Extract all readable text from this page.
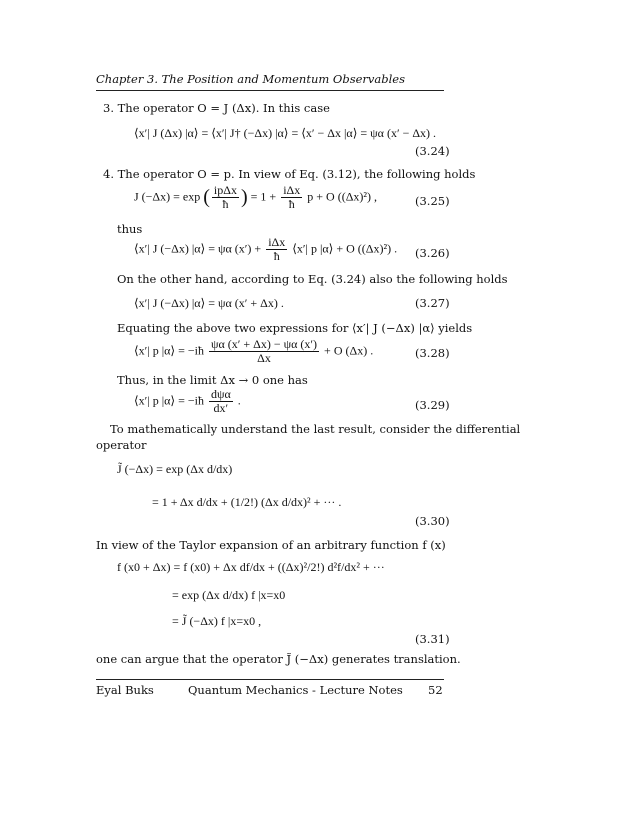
Chapter 3. The Position and Momentum Observables
3. The operator O = J (Δx). In this case
⟨x′| J (Δx) |α⟩ = ⟨x′| J† (−Δx) |α⟩ = ⟨x′ − Δx |α⟩ = ψα (x′ − Δx) .
(3.24)
4. The operator O = p. In view of Eq. (3.12), the following holds
J (−Δx) = exp ( $\frac{\text{ipΔx}}{ħ}$ ) = $1 + \frac{\text{iΔx}}{ħ}$ p + O ((Δx)²) ,	(3.25)
thus
⟨x′| J (−Δx) |α⟩ = ψα $(x') + \frac{\text{iΔx}}{ħ}$ ⟨x′| p |α⟩ + O ((Δx)²) . (3.26)
On the other hand, according to Eq. (3.24) also the following holds
⟨x′| J (−Δx) |α⟩ = ψα (x′ + Δx) .	(3.27)
Equating the above two expressions for ⟨x′| J (−Δx) |α⟩ yields
⟨x′| p |α⟩ = −iħ $\frac{\psi\alpha (x' + \Delta x) - \psi\alpha (x')}{\Delta x} + O$ (Δx) .	(3.28)
Thus, in the limit Δx → 0 one has
⟨x′| p |α⟩ = −iħ $\frac{\text{dψα}}{dx'}$ .	(3.29)
To mathematically understand the last result, consider the differential
operator
J̃ (−Δx) = exp (Δx d/dx)
= 1 + Δx d/dx + (1/2!) (Δx d/dx)² + ··· .
(3.30)
In view of the Taylor expansion of an arbitrary function f (x)
f (x0 + Δx) = f (x0) + Δx df/dx + ((Δx)²/2!) d²f/dx² + ···
= exp (Δx d/dx) f |x=x0
= J̃ (−Δx) f |x=x0 ,
(3.31)
one can argue that the operator J̃ (−Δx) generates translation.
Eyal Buks	Quantum Mechanics - Lecture Notes 52
